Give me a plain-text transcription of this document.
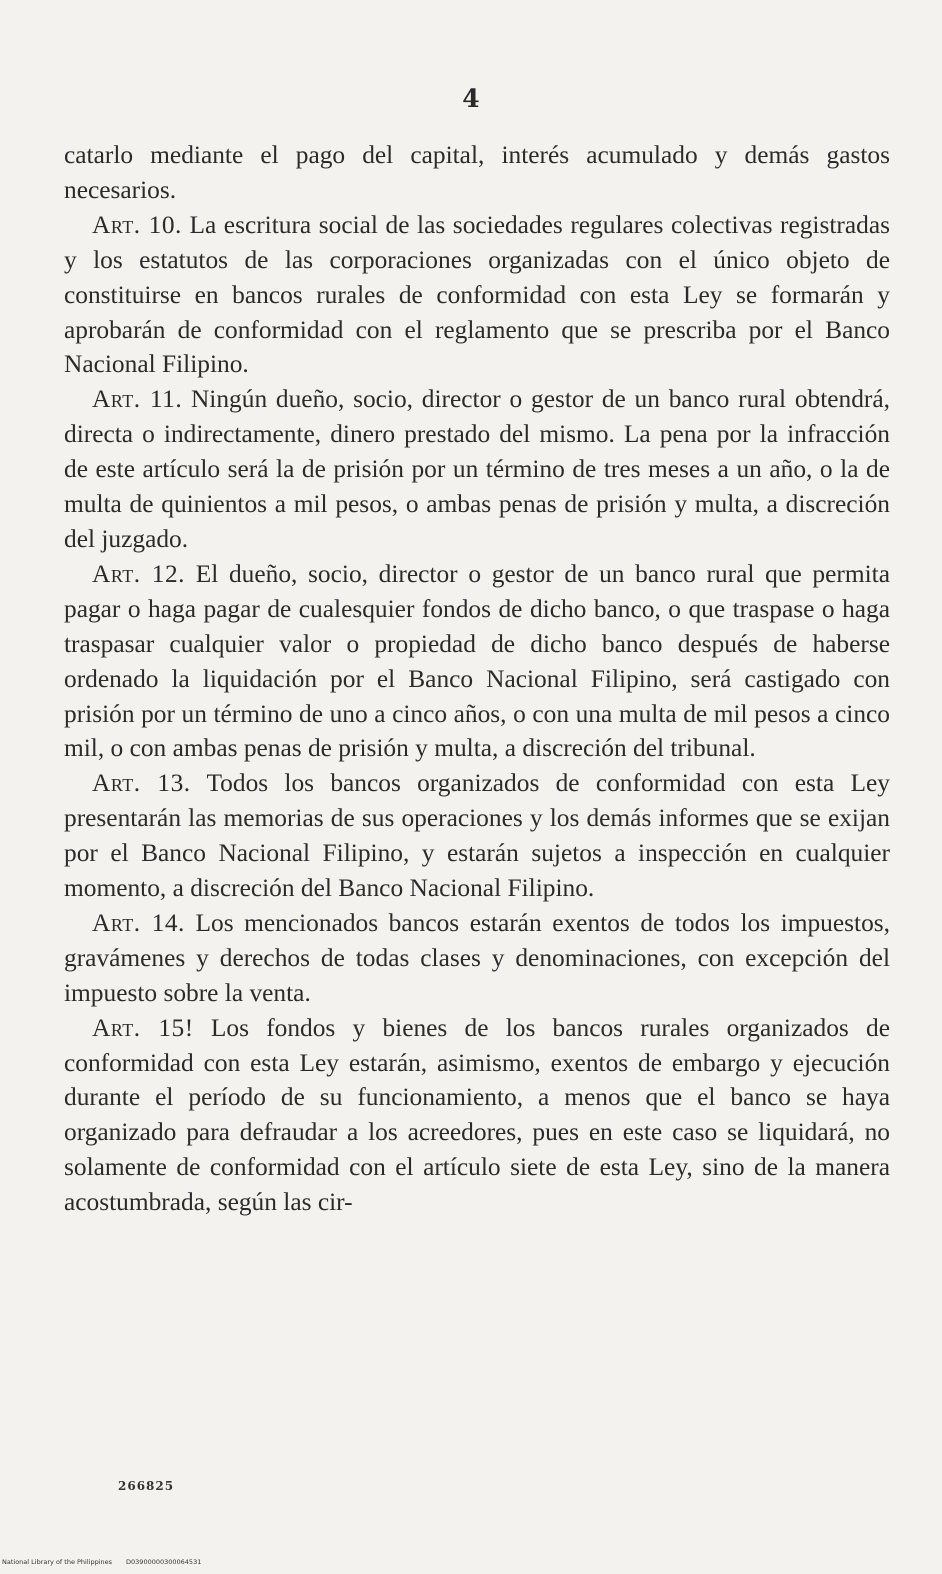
4

catarlo mediante el pago del capital, interés acumulado y demás gastos necesarios.

Art. 10. La escritura social de las sociedades regulares colectivas registradas y los estatutos de las corporaciones organizadas con el único objeto de constituirse en bancos rurales de conformidad con esta Ley se formarán y aprobarán de conformidad con el reglamento que se prescriba por el Banco Nacional Filipino.

Art. 11. Ningún dueño, socio, director o gestor de un banco rural obtendrá, directa o indirectamente, dinero prestado del mismo. La pena por la infracción de este artículo será la de prisión por un término de tres meses a un año, o la de multa de quinientos a mil pesos, o ambas penas de prisión y multa, a discreción del juzgado.

Art. 12. El dueño, socio, director o gestor de un banco rural que permita pagar o haga pagar de cualesquier fondos de dicho banco, o que traspase o haga traspasar cualquier valor o propiedad de dicho banco después de haberse ordenado la liquidación por el Banco Nacional Filipino, será castigado con prisión por un término de uno a cinco años, o con una multa de mil pesos a cinco mil, o con ambas penas de prisión y multa, a discreción del tribunal.

Art. 13. Todos los bancos organizados de conformidad con esta Ley presentarán las memorias de sus operaciones y los demás informes que se exijan por el Banco Nacional Filipino, y estarán sujetos a inspección en cualquier momento, a discreción del Banco Nacional Filipino.

Art. 14. Los mencionados bancos estarán exentos de todos los impuestos, gravámenes y derechos de todas clases y denominaciones, con excepción del impuesto sobre la venta.

Art. 15! Los fondos y bienes de los bancos rurales organizados de conformidad con esta Ley estarán, asimismo, exentos de embargo y ejecución durante el período de su funcionamiento, a menos que el banco se haya organizado para defraudar a los acreedores, pues en este caso se liquidará, no solamente de conformidad con el artículo siete de esta Ley, sino de la manera acostumbrada, según las cir-

266825
National Library of the Philippines D03900000300064531
